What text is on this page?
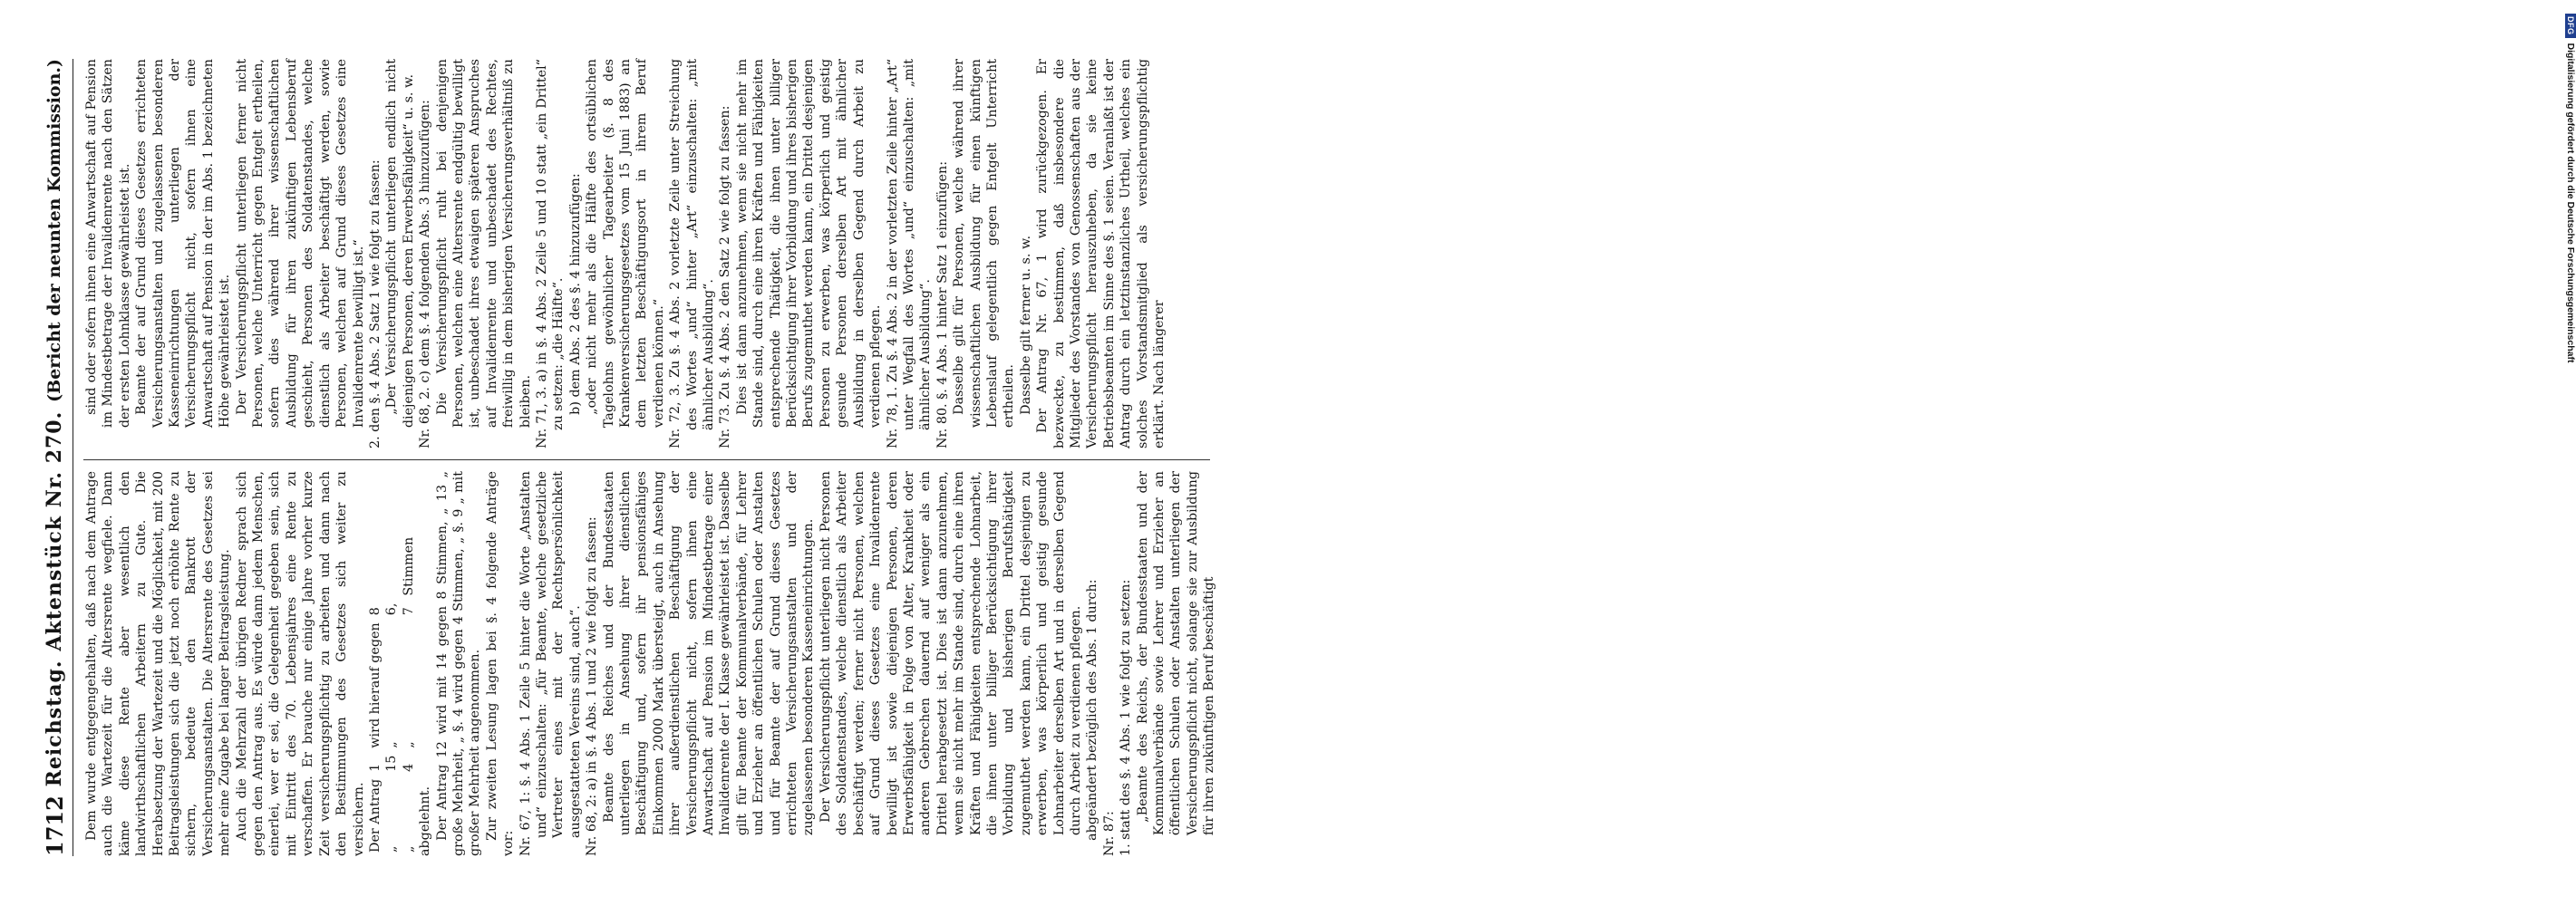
1712
Reichstag.
Aktenstück Nr. 270.
(Bericht der neunten Kommission.)

Dem wurde entgegengehalten, daß nach dem Antrage auch die Wartezeit für die Altersrente wegfiele. Dann käme diese Rente aber wesentlich den landwirthschaftlichen Arbeitern zu Gute. Die Herabsetzung der Wartezeit und die Möglichkeit, mit 200 Beitragsleistungen sich die jetzt noch erhöhte Rente zu sichern, bedeute den Bankrott der Versicherungsanstalten. Die Altersrente des Gesetzes sei mehr eine Zugabe bei langer Beitragsleistung. Auch die Mehrzahl der übrigen Redner sprach sich gegen den Antrag aus. Es würde dann jedem Menschen, einerlei, wer er sei, die Gelegenheit gegeben sein, sich mit Eintritt des 70. Lebensjahres eine Rente zu verschaffen. Er brauche nur einige Jahre vorher kurze Zeit versicherungspflichtig zu arbeiten und dann nach den Bestimmungen des Gesetzes sich weiter zu versichern. Der Antrag	1	wird hierauf gegen	8	
„	15	„	6,	
„	4	„	7	Stimmen

abgelehnt. Der Antrag 12 wird mit 14 gegen 8 Stimmen, „ 13 „ große Mehrheit, „ §. 4 wird gegen 4 Stimmen, „ §. 9 „ mit großer Mehrheit angenommen. Zur zweiten Lesung lagen bei §. 4 folgende Anträge vor: Nr. 67, 1: §. 4 Abs. 1 Zeile 5 hinter die Worte „Anstalten und“ einzuschalten: „für Beamte, welche gesetzliche Vertreter eines mit der Rechtspersönlichkeit ausgestatteten Vereins sind, auch“. Nr. 68, 2: a) in §. 4 Abs. 1 und 2 wie folgt zu fassen: Beamte des Reiches und der Bundesstaaten unterliegen in Ansehung ihrer dienstlichen Beschäftigung und, sofern ihr pensionsfähiges Einkommen 2000 Mark übersteigt, auch in Ansehung ihrer außerdienstlichen Beschäftigung der Versicherungspflicht nicht, sofern ihnen eine Anwartschaft auf Pension im Mindestbetrage einer Invalidenrente der I. Klasse gewährleistet ist. Dasselbe gilt für Beamte der Kommunalverbände, für Lehrer und Erzieher an öffentlichen Schulen oder Anstalten und für Beamte der auf Grund dieses Gesetzes errichteten Versicherungsanstalten und der zugelassenen besonderen Kasseneinrichtungen. Der Versicherungspflicht unterliegen nicht Personen des Soldatenstandes, welche dienstlich als Arbeiter beschäftigt werden; ferner nicht Personen, welchen auf Grund dieses Gesetzes eine Invalidenrente bewilligt ist sowie diejenigen Personen, deren Erwerbsfähigkeit in Folge von Alter, Krankheit oder anderen Gebrechen dauernd auf weniger als ein Drittel herabgesetzt ist. Dies ist dann anzunehmen, wenn sie nicht mehr im Stande sind, durch eine ihren Kräften und Fähigkeiten entsprechende Lohnarbeit, die ihnen unter billiger Berücksichtigung ihrer Vorbildung und bisherigen Berufsthätigkeit zugemuthet werden kann, ein Drittel desjenigen zu erwerben, was körperlich und geistig gesunde Lohnarbeiter derselben Art und in derselben Gegend durch Arbeit zu verdienen pflegen. abgeändert bezüglich des Abs. 1 durch: Nr. 87: 1. statt des §. 4 Abs. 1 wie folgt zu setzen: „Beamte des Reichs, der Bundesstaaten und der Kommunalverbände sowie Lehrer und Erzieher an öffentlichen Schulen oder Anstalten unterliegen der Versicherungspflicht nicht, solange sie zur Ausbildung für ihren zukünftigen Beruf beschäftigt

sind oder sofern ihnen eine Anwartschaft auf Pension im Mindestbetrage der Invalidenrente nach den Sätzen der ersten Lohnklasse gewährleistet ist. Beamte der auf Grund dieses Gesetzes errichteten Versicherungsanstalten und zugelassenen besonderen Kasseneinrichtungen unterliegen der Versicherungspflicht nicht, sofern ihnen eine Anwartschaft auf Pension in der im Abs. 1 bezeichneten Höhe gewährleistet ist. Der Versicherungspflicht unterliegen ferner nicht Personen, welche Unterricht gegen Entgelt ertheilen, sofern dies während ihrer wissenschaftlichen Ausbildung für ihren zukünftigen Lebensberuf geschieht, Personen des Soldatenstandes, welche dienstlich als Arbeiter beschäftigt werden, sowie Personen, welchen auf Grund dieses Gesetzes eine Invalidenrente bewilligt ist.“ 2. den §. 4 Abs. 2 Satz 1 wie folgt zu fassen: „Der Versicherungspflicht unterliegen endlich nicht diejenigen Personen, deren Erwerbsfähigkeit“ u. s. w. Nr. 68, 2. c) dem §. 4 folgenden Abs. 3 hinzuzufügen: Die Versicherungspflicht ruht bei denjenigen Personen, welchen eine Altersrente endgültig bewilligt ist, unbeschadet ihres etwaigen späteren Anspruches auf Invalidenrente und unbeschadet des Rechtes, freiwillig in dem bisherigen Versicherungsverhältniß zu bleiben. Nr. 71, 3. a) in §. 4 Abs. 2 Zeile 5 und 10 statt „ein Drittel“ zu setzen: „die Hälfte“. b) dem Abs. 2 des §. 4 hinzuzufügen: „oder nicht mehr als die Hälfte des ortsüblichen Tagelohns gewöhnlicher Tagearbeiter (§. 8 des Krankenversicherungsgesetzes vom 15 Juni 1883) an dem letzten Beschäftigungsort in ihrem Beruf verdienen können.“ Nr. 72, 3. Zu §. 4 Abs. 2 vorletzte Zeile unter Streichung des Wortes „und“ hinter „Art“ einzuschalten: „mit ähnlicher Ausbildung“. Nr. 73. Zu §. 4 Abs. 2 den Satz 2 wie folgt zu fassen: Dies ist dann anzunehmen, wenn sie nicht mehr im Stande sind, durch eine ihren Kräften und Fähigkeiten entsprechende Thätigkeit, die ihnen unter billiger Berücksichtigung ihrer Vorbildung und ihres bisherigen Berufs zugemuthet werden kann, ein Drittel desjenigen Personen zu erwerben, was körperlich und geistig gesunde Personen derselben Art mit ähnlicher Ausbildung in derselben Gegend durch Arbeit zu verdienen pflegen. Nr. 78, 1. Zu §. 4 Abs. 2 in der vorletzten Zeile hinter „Art“ unter Wegfall des Wortes „und“ einzuschalten: „mit ähnlicher Ausbildung“. Nr. 80. §. 4 Abs. 1 hinter Satz 1 einzufügen: Dasselbe gilt für Personen, welche während ihrer wissenschaftlichen Ausbildung für einen künftigen Lebenslauf gelegentlich gegen Entgelt Unterricht ertheilen. Dasselbe gilt ferner u. s. w. Der Antrag Nr. 67, 1 wird zurückgezogen. Er bezweckte, zu bestimmen, daß insbesondere die Mitglieder des Vorstandes von Genossenschaften aus der Versicherungspflicht herauszuheben, da sie keine Betriebsbeamten im Sinne des §. 1 seien. Veranlaßt ist der Antrag durch ein letztinstanzliches Urtheil, welches ein solches Vorstandsmitglied als versicherungspflichtig erklärt. Nach längerer

DFGDigitalisierung gefördert durch die Deutsche Forschungsgemeinschaft
